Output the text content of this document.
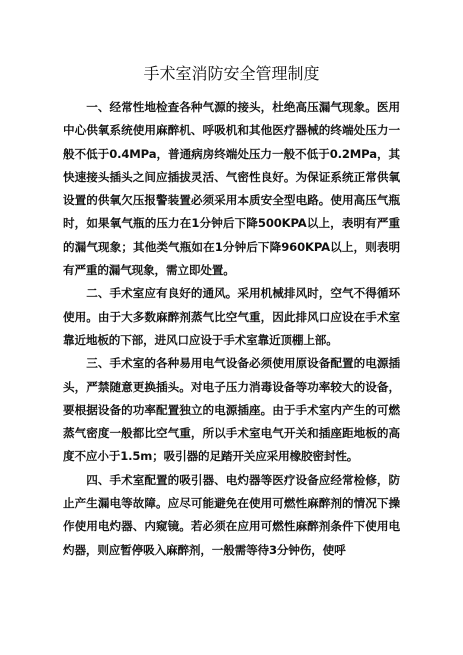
手术室消防安全管理制度

一、经常性地检查各种气源的接头，杜绝高压漏气现象。医用中心供氧系统使用麻醉机、呼吸机和其他医疗器械的终端处压力一般不低于0.4MPa，普通病房终端处压力一般不低于0.2MPa，其快速接头插头之间应插拔灵活、气密性良好。为保证系统正常供氧设置的供氧欠压报警装置必须采用本质安全型电路。使用高压气瓶时，如果氧气瓶的压力在1分钟后下降500KPA以上，表明有严重的漏气现象；其他类气瓶如在1分钟后下降960KPA以上，则表明有严重的漏气现象，需立即处置。

二、手术室应有良好的通风。采用机械排风时，空气不得循环使用。由于大多数麻醉剂蒸气比空气重，因此排风口应设在手术室靠近地板的下部，进风口应设于手术室靠近顶棚上部。

三、手术室的各种易用电气设备必须使用原设备配置的电源插头，严禁随意更换插头。对电子压力消毒设备等功率较大的设备，要根据设备的功率配置独立的电源插座。由于手术室内产生的可燃蒸气密度一般都比空气重，所以手术室电气开关和插座距地板的高度不应小于1.5m；吸引器的足踏开关应采用橡胶密封性。

四、手术室配置的吸引器、电灼器等医疗设备应经常检修，防止产生漏电等故障。应尽可能避免在使用可燃性麻醉剂的情况下操作使用电灼器、内窥镜。若必须在应用可燃性麻醉剂条件下使用电灼器，则应暂停吸入麻醉剂，一般需等待3分钟伤，使呼
